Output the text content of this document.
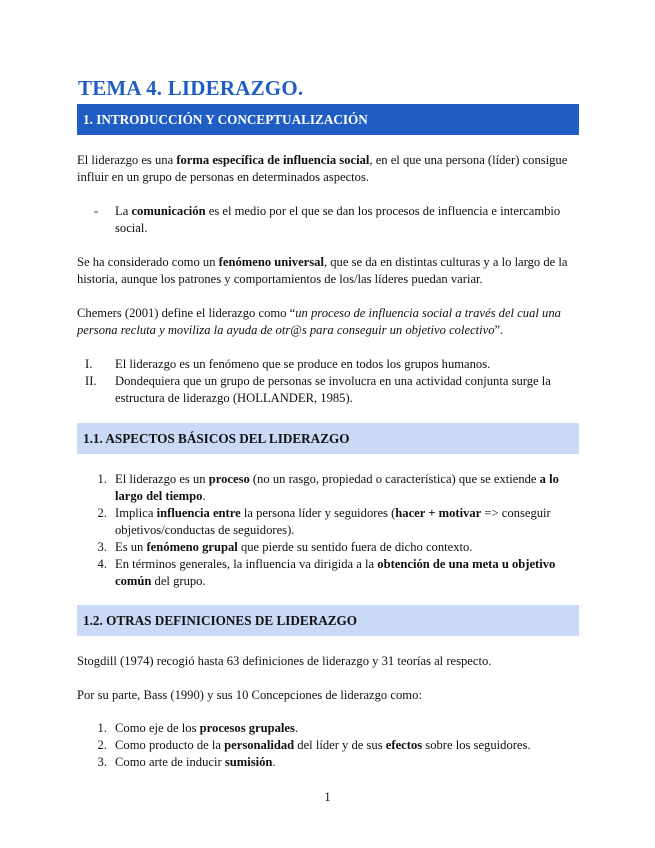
TEMA 4. LIDERAZGO.
1. INTRODUCCIÓN Y CONCEPTUALIZACIÓN
El liderazgo es una forma específica de influencia social, en el que una persona (líder) consigue influir en un grupo de personas en determinados aspectos.
-	La comunicación es el medio por el que se dan los procesos de influencia e intercambio social.
Se ha considerado como un fenómeno universal, que se da en distintas culturas y a lo largo de la historia, aunque los patrones y comportamientos de los/las líderes puedan variar.
Chemers (2001) define el liderazgo como “un proceso de influencia social a través del cual una persona recluta y moviliza la ayuda de otr@s para conseguir un objetivo colectivo”.
I.	El liderazgo es un fenómeno que se produce en todos los grupos humanos.
II.	Dondequiera que un grupo de personas se involucra en una actividad conjunta surge la estructura de liderazgo (HOLLANDER, 1985).
1.1. ASPECTOS BÁSICOS DEL LIDERAZGO
1. El liderazgo es un proceso (no un rasgo, propiedad o característica) que se extiende a lo largo del tiempo.
2. Implica influencia entre la persona líder y seguidores (hacer + motivar => conseguir objetivos/conductas de seguidores).
3. Es un fenómeno grupal que pierde su sentido fuera de dicho contexto.
4. En términos generales, la influencia va dirigida a la obtención de una meta u objetivo común del grupo.
1.2. OTRAS DEFINICIONES DE LIDERAZGO
Stogdill (1974) recogió hasta 63 definiciones de liderazgo y 31 teorías al respecto.
Por su parte, Bass (1990) y sus 10 Concepciones de liderazgo como:
1. Como eje de los procesos grupales.
2. Como producto de la personalidad del líder y de sus efectos sobre los seguidores.
3. Como arte de inducir sumisión.
1
